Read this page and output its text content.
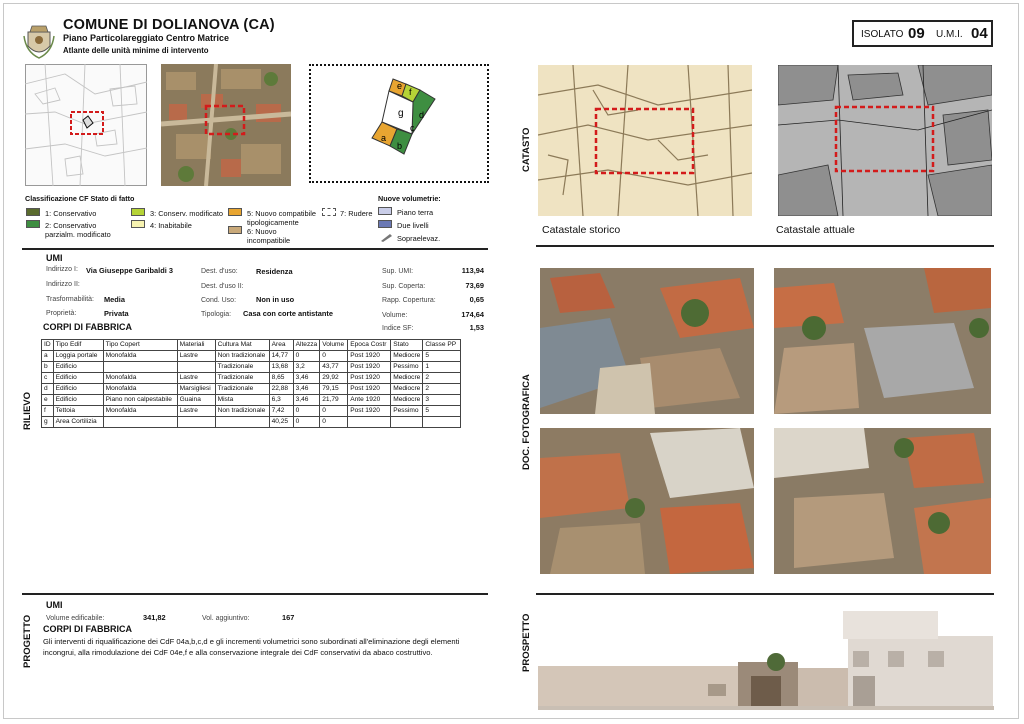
COMUNE DI DOLIANOVA (CA)
Piano Particolareggiato Centro Matrice
Atlante delle unità minime di intervento
ISOLATO 09 U.M.I. 04
e
f
g d
a
b
c
Classificazione CF Stato di fatto
1: Conservativo
2: Conservativo parzialm. modificato
3: Conserv. modificato
4: Inabitabile
5: Nuovo compatibile tipologicamente
6: Nuovo incompatibile
7: Rudere
Nuove volumetrie:
Piano terra
Due livelli
Sopraelevaz.
CATASTO
Catastale storico	Catastale attuale
UMI
Indirizzo I: Via Giuseppe Garibaldi 3
Indirizzo II:
Trasformabilità: Media
Proprietà:	Privata
Dest. d'uso: Residenza
Dest. d'uso II:
Cond. Uso:	Non in uso
Tipologia: Casa con corte antistante
Sup. UMI:	113,94
Sup. Coperta:	73,69
Rapp. Copertura:	0,65
Volume:	174,64
Indice SF:	1,53
CORPI DI FABBRICA
RILIEVO
ID	Tipo Edif	Tipo Copert	Materiali	Cultura Mat	Area	Altezza	Volume	Epoca Costr	Stato	Classe PP
a	Loggia portale	Monofalda	Lastre	Non tradizionale	14,77	0	0	Post 1920	Mediocre	5
b	Edificio			Tradizionale	13,68	3,2	43,77	Post 1920	Pessimo	1
c	Edificio	Monofalda	Lastre	Tradizionale	8,65	3,46	29,92	Post 1920	Mediocre	2
d	Edificio	Monofalda	Marsigliesi	Tradizionale	22,88	3,46	79,15	Post 1920	Mediocre	2
e	Edificio	Piano non calpestabile	Guaina	Mista	6,3	3,46	21,79	Ante 1920	Mediocre	3
f	Tettoia	Monofalda	Lastre	Non tradizionale	7,42	0	0	Post 1920	Pessimo	5
g	Area Cortilizia				40,25	0	0				DOC. FOTOGRAFICA
PROGETTO
UMI
Volume edificabile:	341,82	Vol. aggiuntivo:	167
CORPI DI FABBRICA
Gli interventi di riqualificazione dei CdF 04a,b,c,d e gli incrementi volumetrici sono subordinati all'eliminazione degli elementi incongrui, alla rimodulazione dei CdF 04e,f e alla conservazione integrale dei CdF conservativi da abaco costruttivo.	PROSPETTO
